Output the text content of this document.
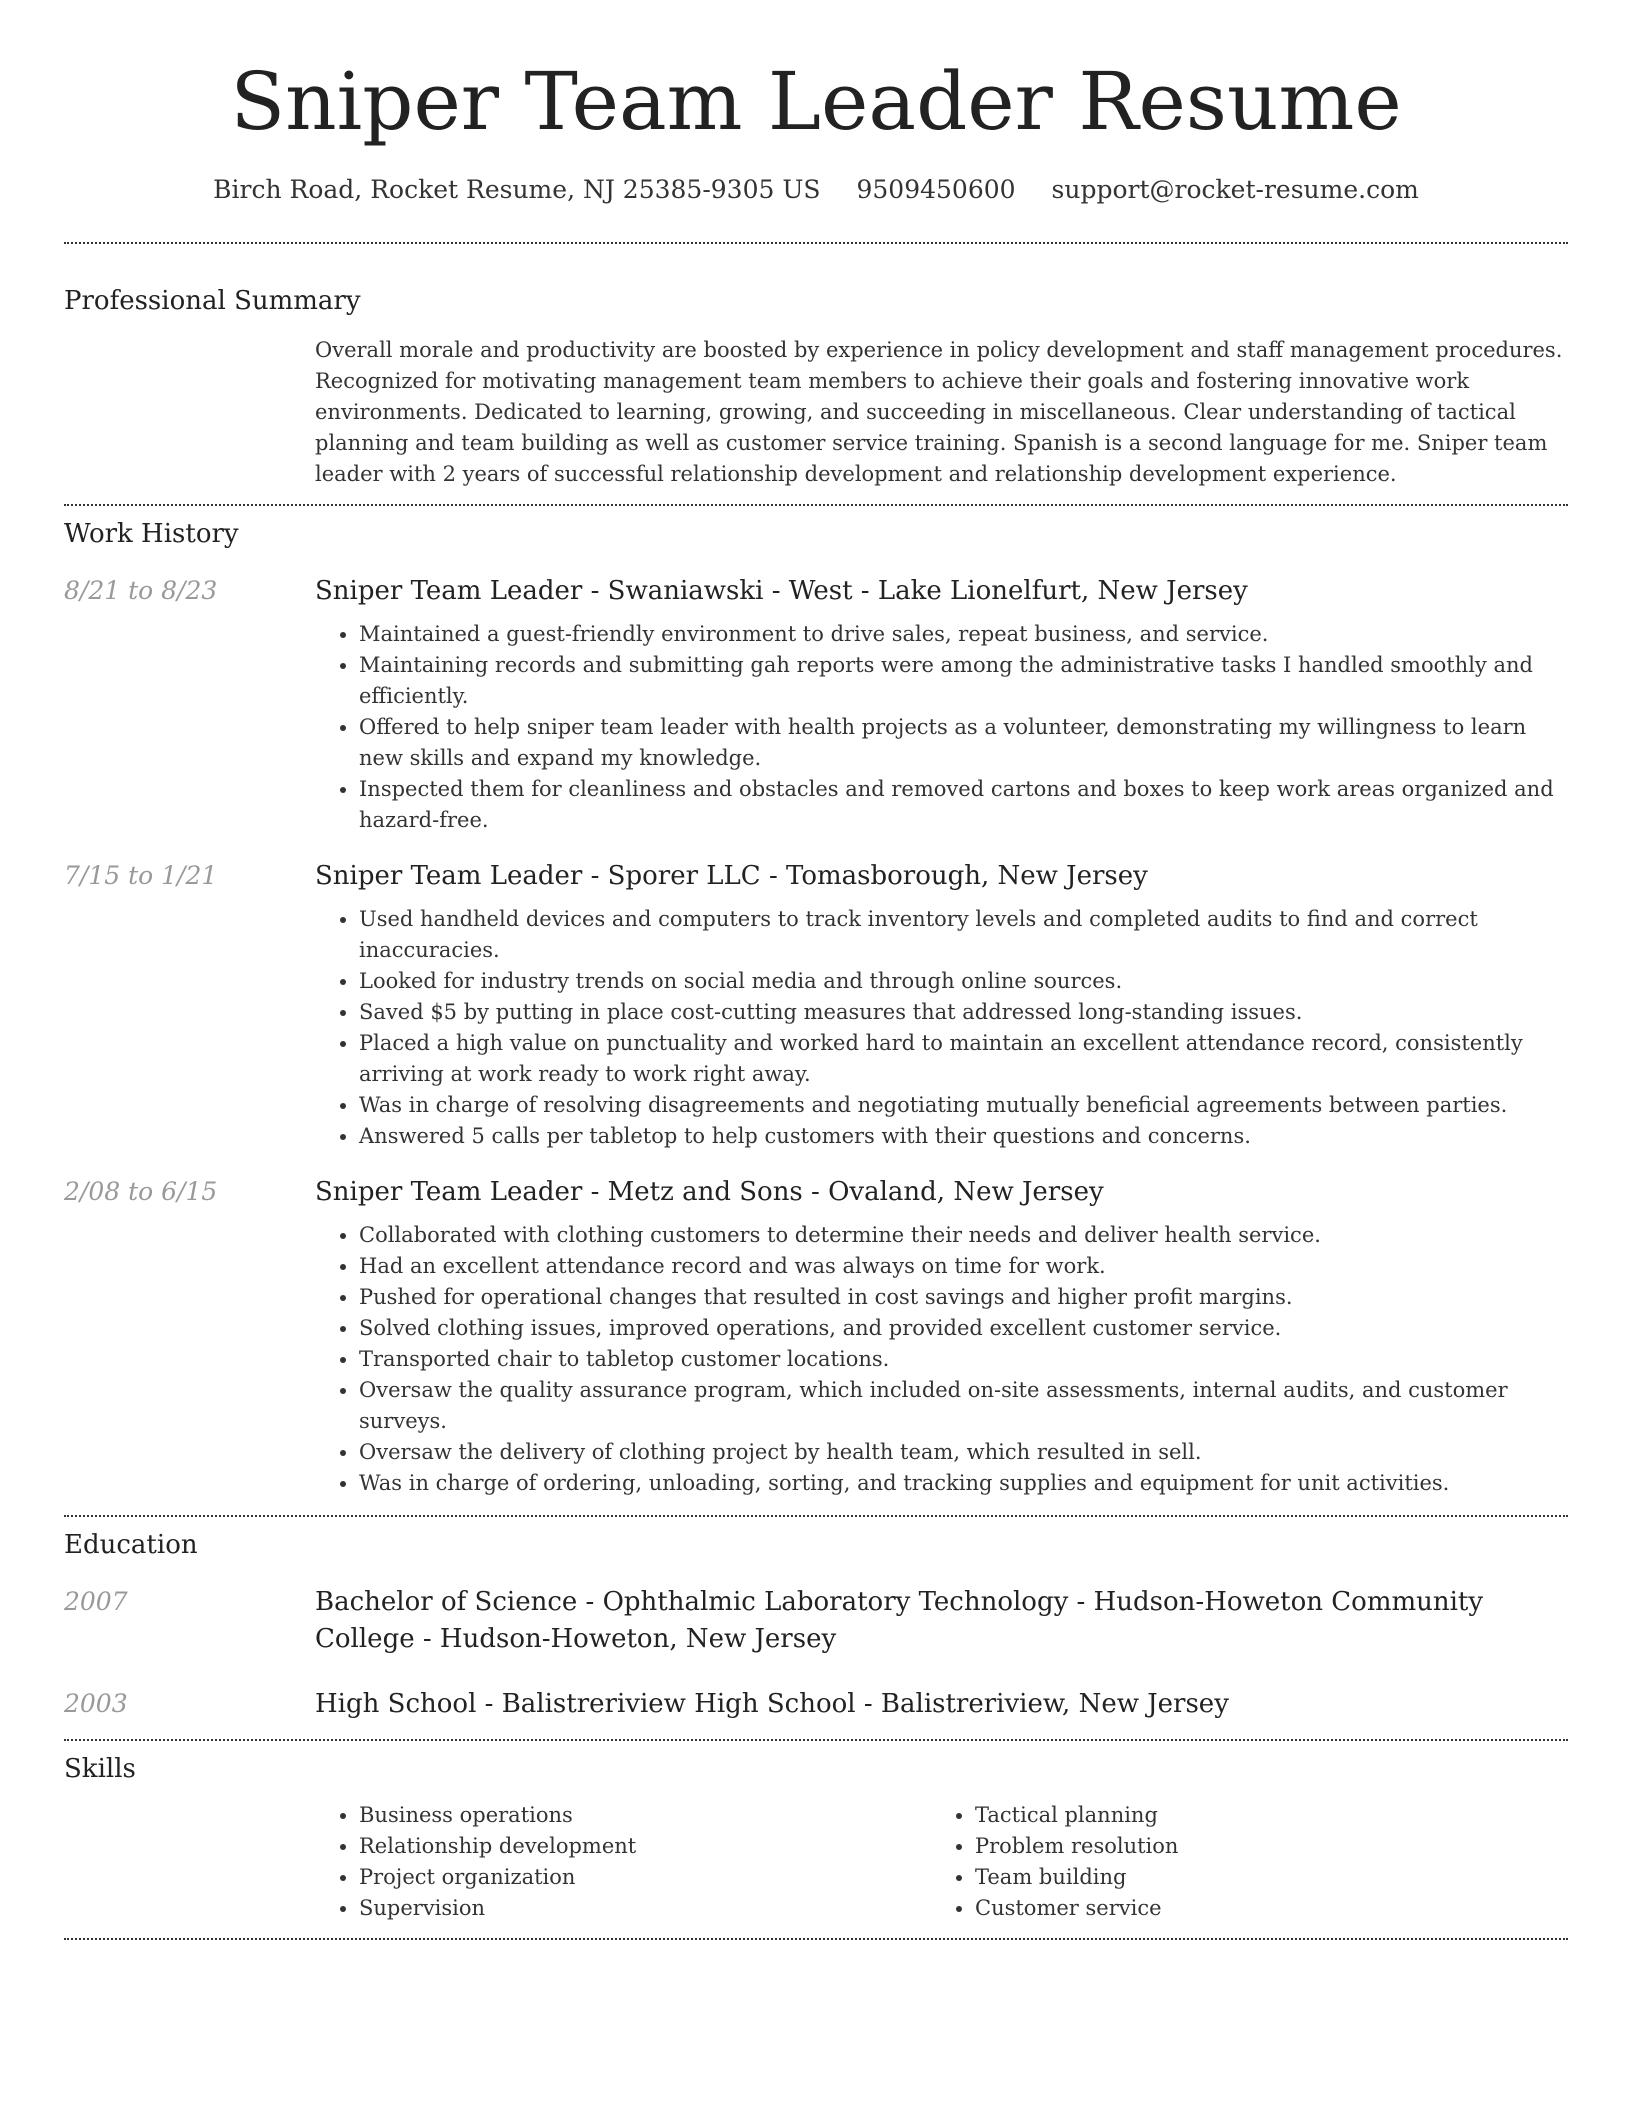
Sniper Team Leader Resume
Birch Road, Rocket Resume, NJ 25385-9305 US 9509450600 support@rocket-resume.com
Professional Summary

Overall morale and productivity are boosted by experience in policy development and staff management procedures. Recognized for motivating management team members to achieve their goals and fostering innovative work environments. Dedicated to learning, growing, and succeeding in miscellaneous. Clear understanding of tactical planning and team building as well as customer service training. Spanish is a second language for me. Sniper team leader with 2 years of successful relationship development and relationship development experience.

Work History
8/21 to 8/23	Sniper Team Leader - Swaniawski - West - Lake Lionelfurt, New Jersey
• Maintained a guest-friendly environment to drive sales, repeat business, and service.
• Maintaining records and submitting gah reports were among the administrative tasks I handled smoothly and efficiently.
• Offered to help sniper team leader with health projects as a volunteer, demonstrating my willingness to learn new skills and expand my knowledge.
• Inspected them for cleanliness and obstacles and removed cartons and boxes to keep work areas organized and hazard-free.
7/15 to 1/21	Sniper Team Leader - Sporer LLC - Tomasborough, New Jersey
• Used handheld devices and computers to track inventory levels and completed audits to find and correct inaccuracies.
• Looked for industry trends on social media and through online sources.
• Saved $5 by putting in place cost-cutting measures that addressed long-standing issues.
• Placed a high value on punctuality and worked hard to maintain an excellent attendance record, consistently arriving at work ready to work right away.
• Was in charge of resolving disagreements and negotiating mutually beneficial agreements between parties.
• Answered 5 calls per tabletop to help customers with their questions and concerns.
2/08 to 6/15	Sniper Team Leader - Metz and Sons - Ovaland, New Jersey
• Collaborated with clothing customers to determine their needs and deliver health service.
• Had an excellent attendance record and was always on time for work.
• Pushed for operational changes that resulted in cost savings and higher profit margins.
• Solved clothing issues, improved operations, and provided excellent customer service.
• Transported chair to tabletop customer locations.
• Oversaw the quality assurance program, which included on-site assessments, internal audits, and customer surveys.
• Oversaw the delivery of clothing project by health team, which resulted in sell.
• Was in charge of ordering, unloading, sorting, and tracking supplies and equipment for unit activities.
Education
2007	Bachelor of Science - Ophthalmic Laboratory Technology - Hudson-Howeton Community College - Hudson-Howeton, New Jersey
2003	High School - Balistreriview High School - Balistreriview, New Jersey
Skills
• Business operations
• Relationship development
• Project organization
• Supervision
• Tactical planning
• Problem resolution
• Team building
• Customer service
